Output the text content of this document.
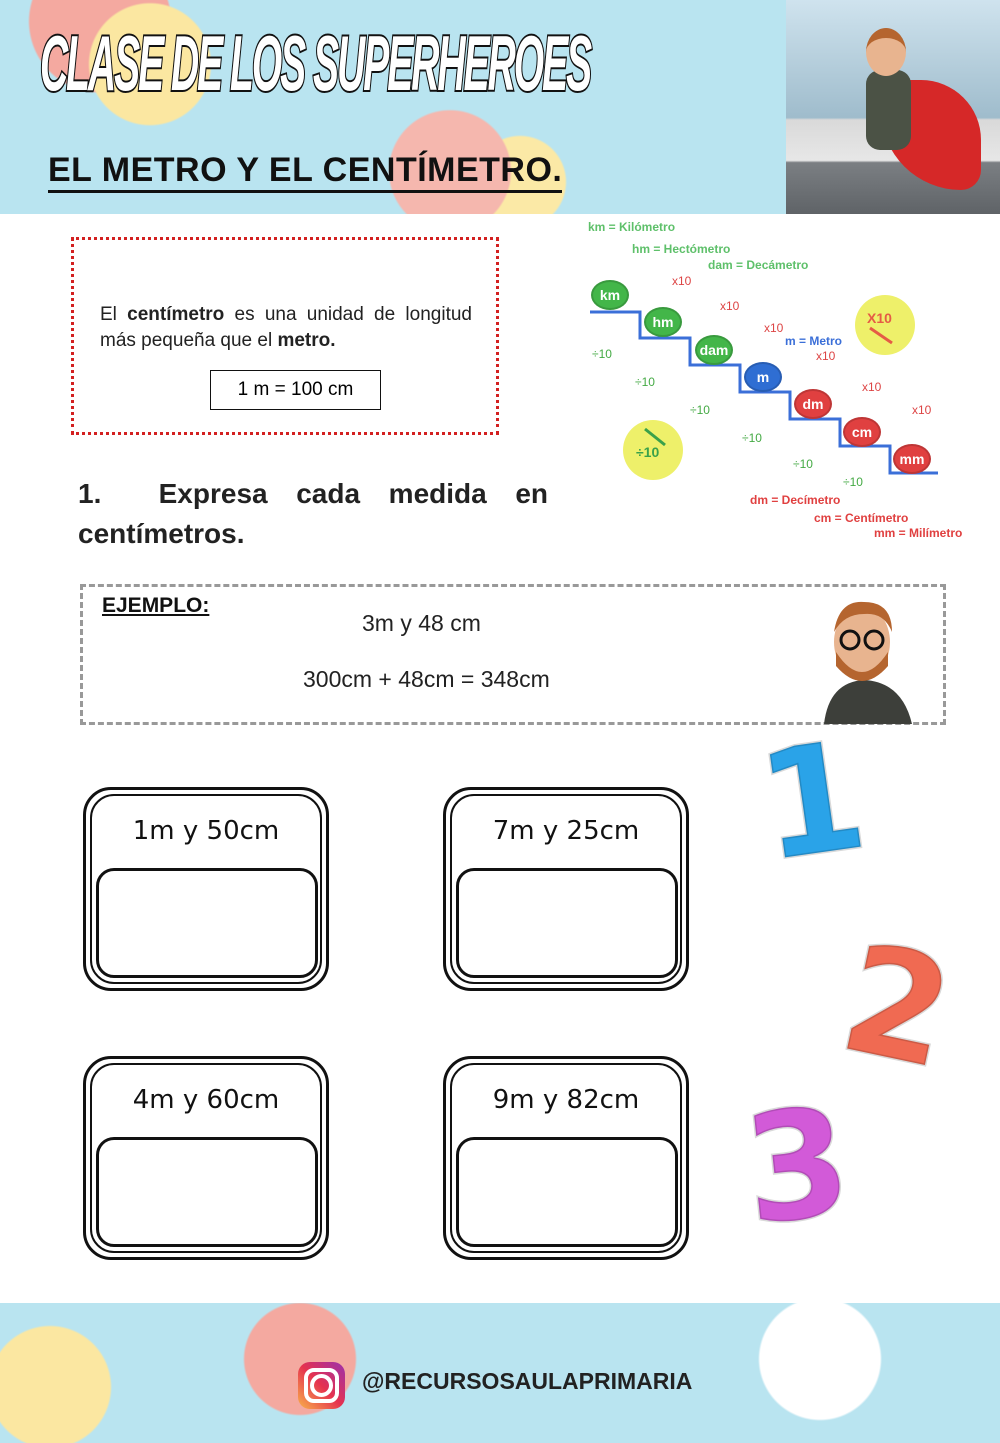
CLASE DE LOS SUPERHEROES
EL METRO Y EL CENTÍMETRO.
El centímetro es una unidad de longitud más pequeña que el metro.
1 m = 100 cm
km = Kilómetro
hm = Hectómetro
dam = Decámetro
m = Metro
dm = Decímetro
cm = Centímetro
mm = Milímetro
km
hm
dam
m
dm
cm
mm
x10
x10
x10
x10
x10
x10
÷10
÷10
÷10
÷10
÷10
÷10
X10
÷10
1. Expresa cada medida en centímetros.
EJEMPLO:
3m y 48 cm
300cm + 48cm = 348cm
1m y 50cm	7m y 25cm
4m y 60cm	9m y 82cm
1
2
3
@RECURSOSAULAPRIMARIA
